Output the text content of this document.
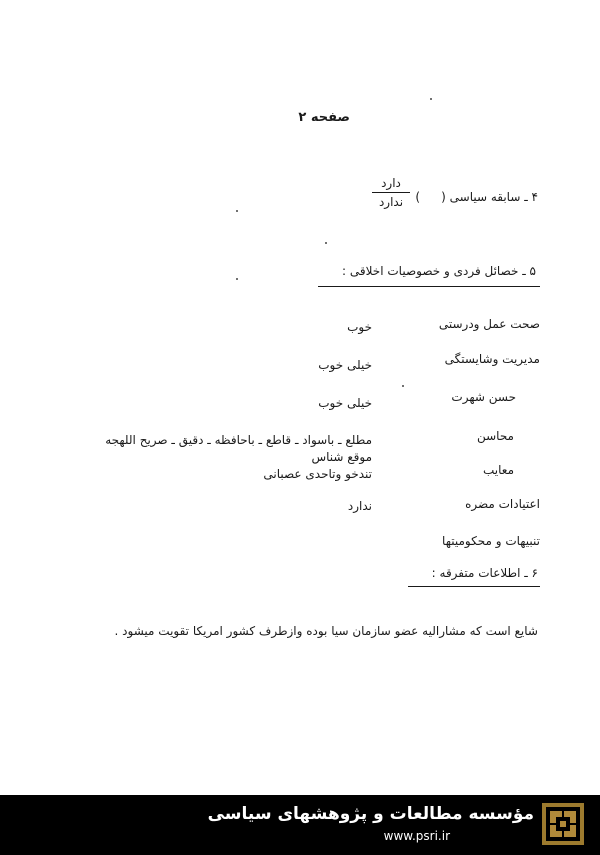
صفحه ۲
۴ ـ سابقه سیاسی (
دارد
ندارد	)
۵ ـ خصائل فردی و خصوصیات اخلاقی :
صحت عمل ودرستی
خوب
مدیریت وشایستگی
خیلی خوب
حسن شهرت
خیلی خوب
محاسن
مطلع ـ باسواد ـ قاطع ـ باحافظه ـ دقیق ـ صریح اللهجه
موقع شناس
معایب
تندخو وتاحدی عصبانی
اعتیادات مضره
ندارد
تنبیهات و محکومیتها
۶ ـ اطلاعات متفرقه :
شایع است که مشارالیه عضو سازمان سیا بوده وازطرف کشور امریکا تقویت میشود .
مؤسسه مطالعات و پژوهشهای سیاسی
www.psri.ir
